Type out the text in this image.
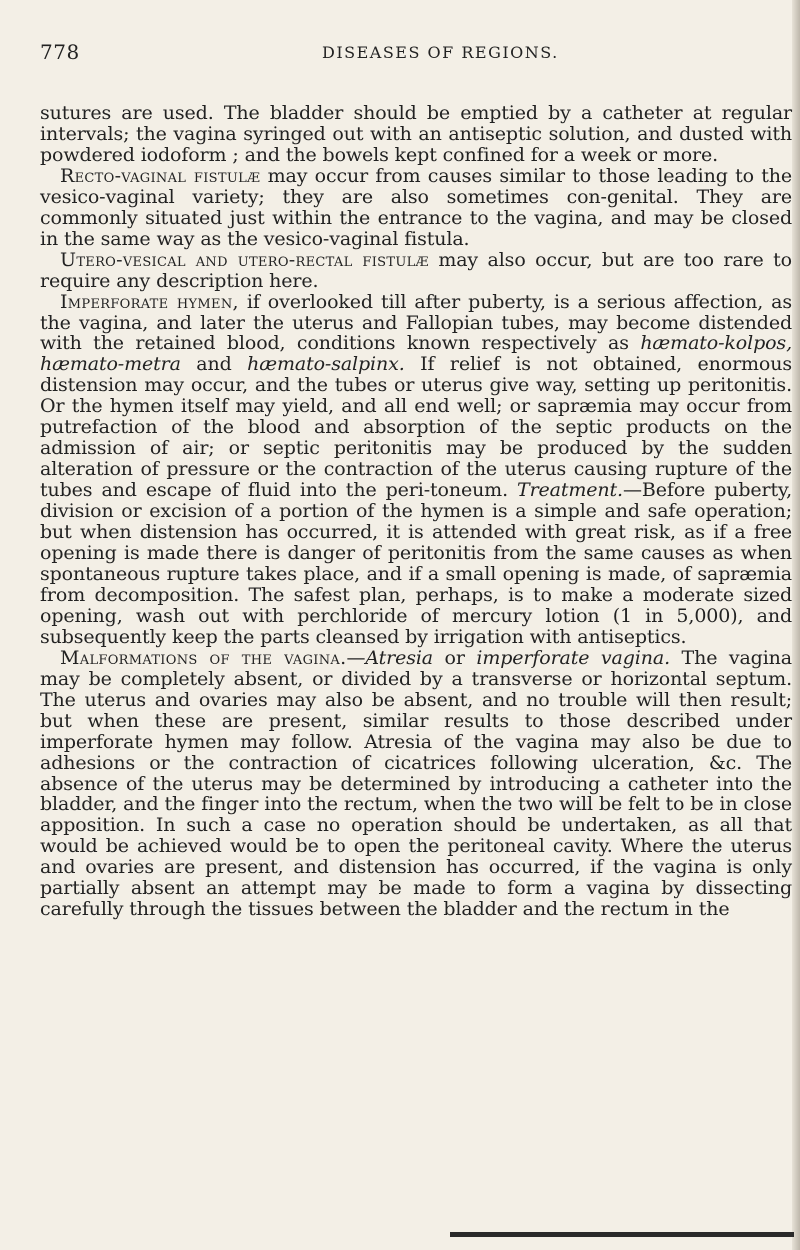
778	DISEASES OF REGIONS.

sutures are used. The bladder should be emptied by a catheter at regular intervals; the vagina syringed out with an antiseptic solution, and dusted with powdered iodoform ; and the bowels kept confined for a week or more.

Recto-vaginal fistulæ may occur from causes similar to those leading to the vesico-vaginal variety; they are also sometimes con-genital. They are commonly situated just within the entrance to the vagina, and may be closed in the same way as the vesico-vaginal fistula.

Utero-vesical and utero-rectal fistulæ may also occur, but are too rare to require any description here.

Imperforate hymen, if overlooked till after puberty, is a serious affection, as the vagina, and later the uterus and Fallopian tubes, may become distended with the retained blood, conditions known respectively as hæmato-kolpos, hæmato-metra and hæmato-salpinx. If relief is not obtained, enormous distension may occur, and the tubes or uterus give way, setting up peritonitis. Or the hymen itself may yield, and all end well; or sapræmia may occur from putrefaction of the blood and absorption of the septic products on the admission of air; or septic peritonitis may be produced by the sudden alteration of pressure or the contraction of the uterus causing rupture of the tubes and escape of fluid into the peri-toneum. Treatment.—Before puberty, division or excision of a portion of the hymen is a simple and safe operation; but when distension has occurred, it is attended with great risk, as if a free opening is made there is danger of peritonitis from the same causes as when spontaneous rupture takes place, and if a small opening is made, of sapræmia from decomposition. The safest plan, perhaps, is to make a moderate sized opening, wash out with perchloride of mercury lotion (1 in 5,000), and subsequently keep the parts cleansed by irrigation with antiseptics.

Malformations of the vagina.—Atresia or imperforate vagina. The vagina may be completely absent, or divided by a transverse or horizontal septum. The uterus and ovaries may also be absent, and no trouble will then result; but when these are present, similar results to those described under imperforate hymen may follow. Atresia of the vagina may also be due to adhesions or the contraction of cicatrices following ulceration, &c. The absence of the uterus may be determined by introducing a catheter into the bladder, and the finger into the rectum, when the two will be felt to be in close apposition. In such a case no operation should be undertaken, as all that would be achieved would be to open the peritoneal cavity. Where the uterus and ovaries are present, and distension has occurred, if the vagina is only partially absent an attempt may be made to form a vagina by dissecting carefully through the tissues between the bladder and the rectum in the
